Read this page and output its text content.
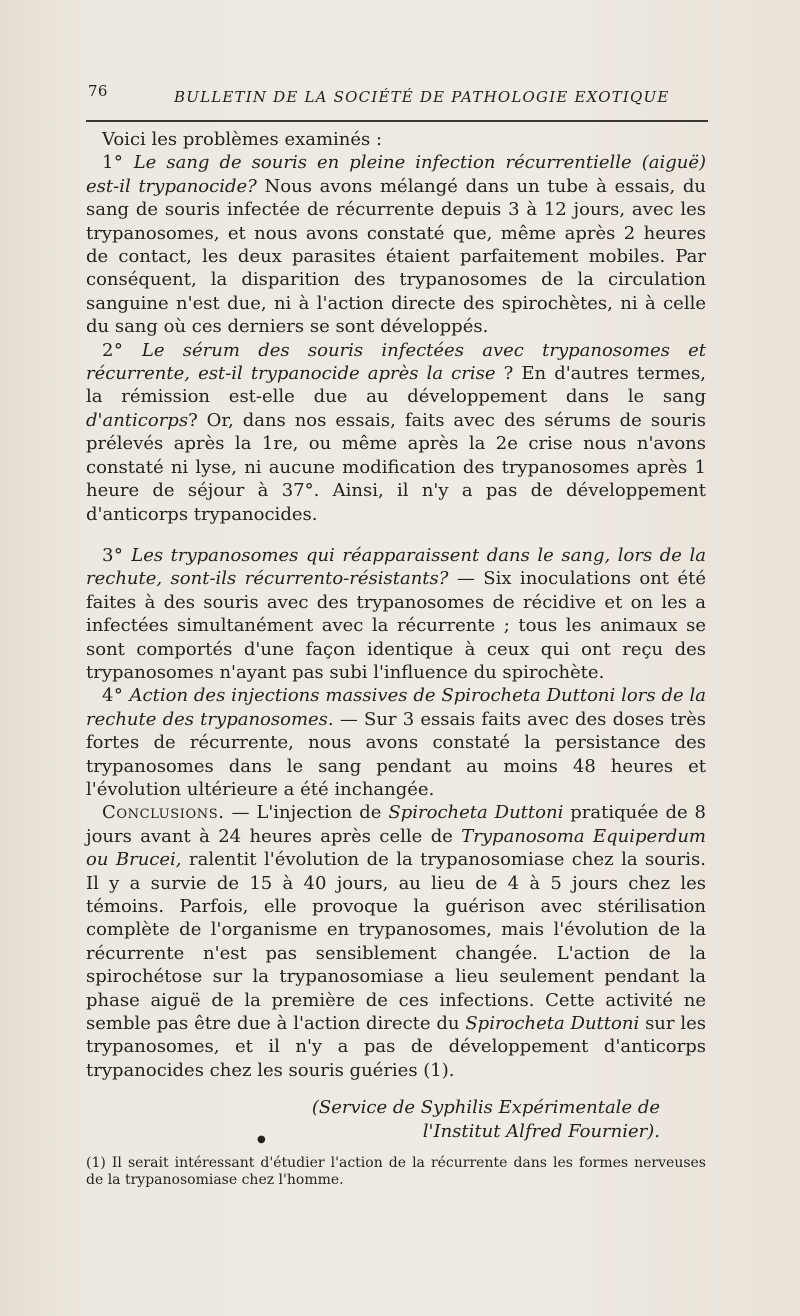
76	BULLETIN DE LA SOCIÉTÉ DE PATHOLOGIE EXOTIQUE

Voici les problèmes examinés :

1° Le sang de souris en pleine infection récurrentielle (aiguë) est-il trypanocide? Nous avons mélangé dans un tube à essais, du sang de souris infectée de récurrente depuis 3 à 12 jours, avec les trypanosomes, et nous avons constaté que, même après 2 heures de contact, les deux parasites étaient parfaitement mobiles. Par conséquent, la disparition des trypanosomes de la circulation sanguine n'est due, ni à l'action directe des spirochètes, ni à celle du sang où ces derniers se sont développés.

2° Le sérum des souris infectées avec trypanosomes et récurrente, est-il trypanocide après la crise ? En d'autres termes, la rémission est-elle due au développement dans le sang d'anticorps? Or, dans nos essais, faits avec des sérums de souris prélevés après la 1re, ou même après la 2e crise nous n'avons constaté ni lyse, ni aucune modification des trypanosomes après 1 heure de séjour à 37°. Ainsi, il n'y a pas de développement d'anticorps trypanocides.

3° Les trypanosomes qui réapparaissent dans le sang, lors de la rechute, sont-ils récurrento-résistants? — Six inoculations ont été faites à des souris avec des trypanosomes de récidive et on les a infectées simultanément avec la récurrente ; tous les animaux se sont comportés d'une façon identique à ceux qui ont reçu des trypanosomes n'ayant pas subi l'influence du spirochète.

4° Action des injections massives de Spirocheta Duttoni lors de la rechute des trypanosomes. — Sur 3 essais faits avec des doses très fortes de récurrente, nous avons constaté la persistance des trypanosomes dans le sang pendant au moins 48 heures et l'évolution ultérieure a été inchangée.

Conclusions. — L'injection de Spirocheta Duttoni pratiquée de 8 jours avant à 24 heures après celle de Trypanosoma Equiperdum ou Brucei, ralentit l'évolution de la trypanosomiase chez la souris. Il y a survie de 15 à 40 jours, au lieu de 4 à 5 jours chez les témoins. Parfois, elle provoque la guérison avec stérilisation complète de l'organisme en trypanosomes, mais l'évolution de la récurrente n'est pas sensiblement changée. L'action de la spirochétose sur la trypanosomiase a lieu seulement pendant la phase aiguë de la première de ces infections. Cette activité ne semble pas être due à l'action directe du Spirocheta Duttoni sur les trypanosomes, et il n'y a pas de développement d'anticorps trypanocides chez les souris guéries (1).

(Service de Syphilis Expérimentale de
l'Institut Alfred Fournier).
●
(1) Il serait intéressant d'étudier l'action de la récurrente dans les formes nerveuses de la trypanosomiase chez l'homme.
